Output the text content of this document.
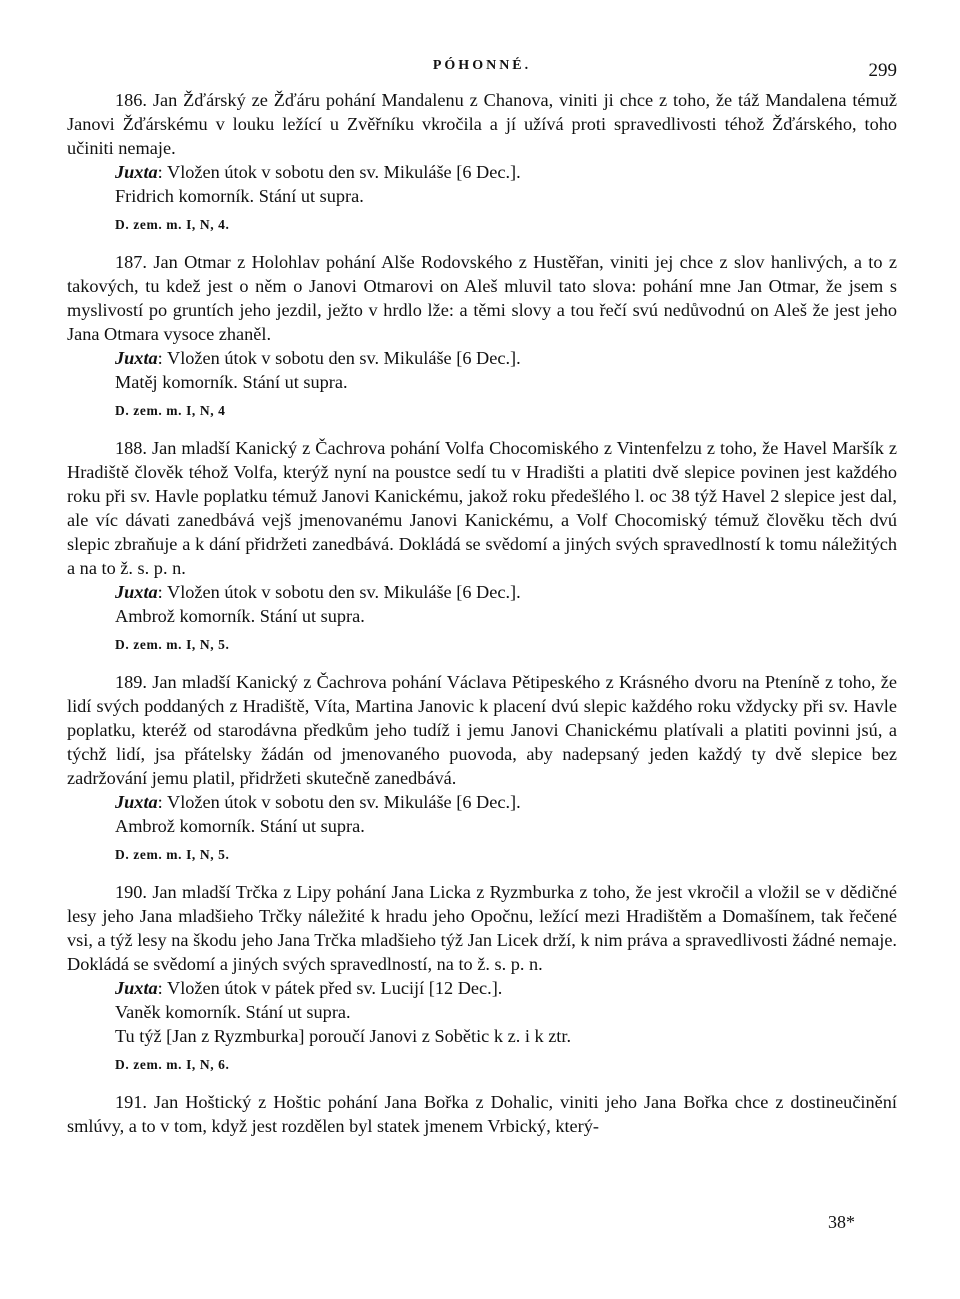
PÓHONNÉ.	299

186. Jan Žďárský ze Žďáru pohání Mandalenu z Chanova, viniti ji chce z toho, že táž Mandalena témuž Janovi Žďárskému v louku ležící u Zvěřníku vkročila a jí užívá proti spravedlivosti téhož Žďárského, toho učiniti nemaje.

Juxta: Vložen útok v sobotu den sv. Mikuláše [6 Dec.].

Fridrich komorník. Stání ut supra.

D. zem. m. I, N, 4.

187. Jan Otmar z Holohlav pohání Alše Rodovského z Hustěřan, viniti jej chce z slov hanlivých, a to z takových, tu kdež jest o něm o Janovi Otmarovi on Aleš mluvil tato slova: pohání mne Jan Otmar, že jsem s myslivostí po gruntích jeho jezdil, ježto v hrdlo lže: a těmi slovy a tou řečí svú nedůvodnú on Aleš že jest jeho Jana Otmara vysoce zhaněl.

Juxta: Vložen útok v sobotu den sv. Mikuláše [6 Dec.].

Matěj komorník. Stání ut supra.

D. zem. m. I, N, 4

188. Jan mladší Kanický z Čachrova pohání Volfa Chocomiského z Vintenfelzu z toho, že Havel Maršík z Hradiště člověk téhož Volfa, kterýž nyní na poustce sedí tu v Hradišti a platiti dvě slepice povinen jest každého roku při sv. Havle poplatku témuž Janovi Kanickému, jakož roku předešlého l. oc 38 týž Havel 2 slepice jest dal, ale víc dávati zanedbává vejš jmenovanému Janovi Kanickému, a Volf Chocomiský témuž člověku těch dvú slepic zbraňuje a k dání přidržeti zanedbává. Dokládá se svědomí a jiných svých spravedlností k tomu náležitých a na to ž. s. p. n.

Juxta: Vložen útok v sobotu den sv. Mikuláše [6 Dec.].

Ambrož komorník. Stání ut supra.

D. zem. m. I, N, 5.

189. Jan mladší Kanický z Čachrova pohání Václava Pětipeského z Krásného dvoru na Pteníně z toho, že lidí svých poddaných z Hradiště, Víta, Martina Janovic k placení dvú slepic každého roku vždycky při sv. Havle poplatku, kteréž od starodávna předkům jeho tudíž i jemu Janovi Chanickému platívali a platiti povinni jsú, a týchž lidí, jsa přátelsky žádán od jmenovaného puovoda, aby nadepsaný jeden každý ty dvě slepice bez zadržování jemu platil, přidržeti skutečně zanedbává.

Juxta: Vložen útok v sobotu den sv. Mikuláše [6 Dec.].

Ambrož komorník. Stání ut supra.

D. zem. m. I, N, 5.

190. Jan mladší Trčka z Lipy pohání Jana Licka z Ryzmburka z toho, že jest vkročil a vložil se v dědičné lesy jeho Jana mladšieho Trčky náležité k hradu jeho Opočnu, ležící mezi Hradištěm a Domašínem, tak řečené vsi, a týž lesy na škodu jeho Jana Trčka mladšieho týž Jan Licek drží, k nim práva a spravedlivosti žádné nemaje. Dokládá se svědomí a jiných svých spravedlností, na to ž. s. p. n.

Juxta: Vložen útok v pátek před sv. Lucijí [12 Dec.].

Vaněk komorník. Stání ut supra.

Tu týž [Jan z Ryzmburka] poroučí Janovi z Sobětic k z. i k ztr.

D. zem. m. I, N, 6.

191. Jan Hoštický z Hoštic pohání Jana Bořka z Dohalic, viniti jeho Jana Bořka chce z dostineučinění smlúvy, a to v tom, když jest rozdělen byl statek jmenem Vrbický, který-

38*
